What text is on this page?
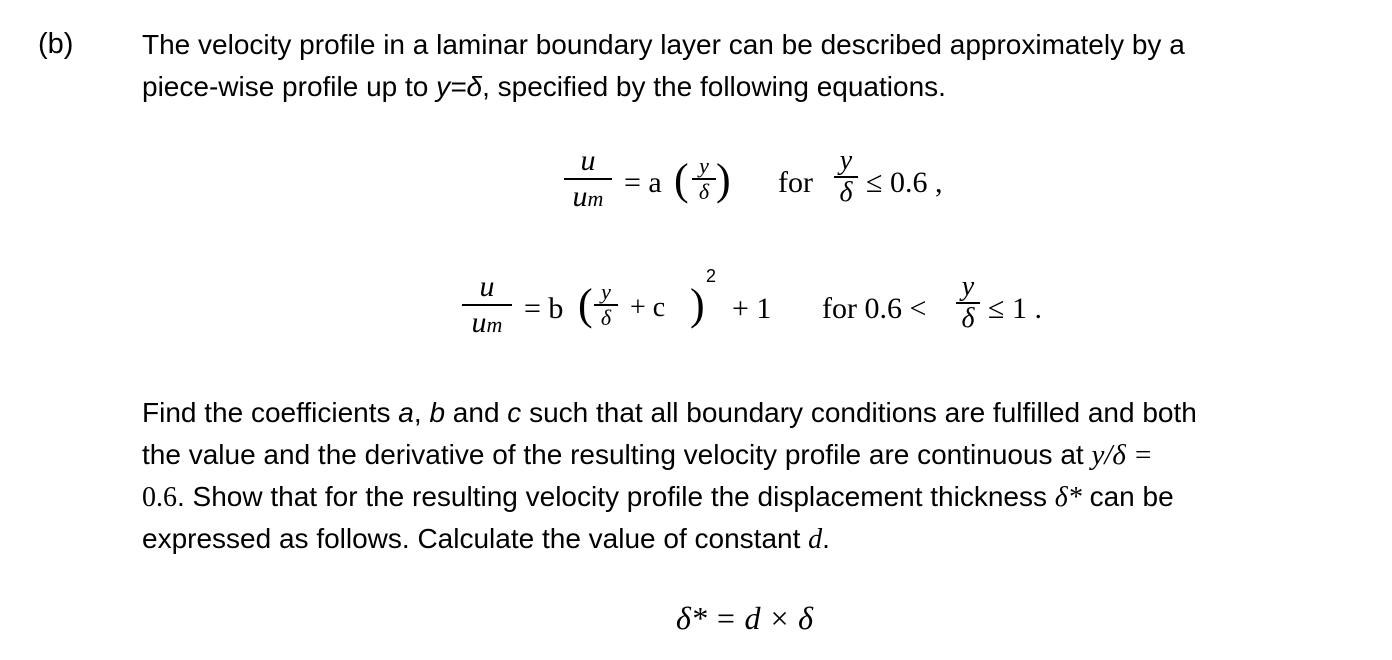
(b) The velocity profile in a laminar boundary layer can be described approximately by a
piece-wise profile up to y=δ, specified by the following equations.
u
um = a ( y
δ ) for
y
δ ≤ 0.6 ,
u
um = b ( y
δ + c )
2
+ 1 for 0.6 <
y
δ ≤ 1 .
Find the coefficients a, b and c such that all boundary conditions are fulfilled and both
the value and the derivative of the resulting velocity profile are continuous at y/δ =
0.6. Show that for the resulting velocity profile the displacement thickness δ* can be
expressed as follows. Calculate the value of constant d.
δ* = d × δ
